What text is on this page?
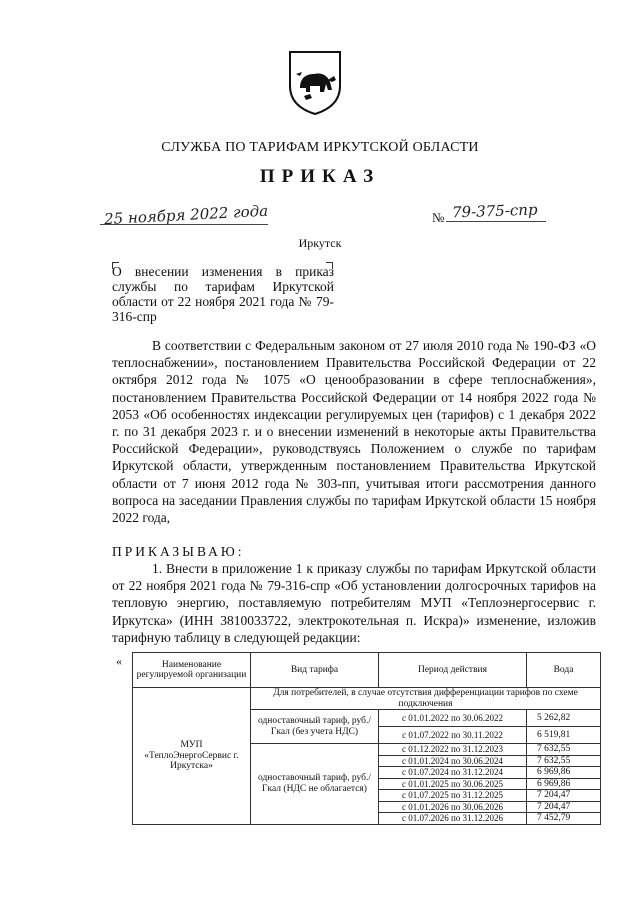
СЛУЖБА ПО ТАРИФАМ ИРКУТСКОЙ ОБЛАСТИ
ПРИКАЗ
25 ноября 2022 года	№ 79-375-спр
Иркутск
О внесении изменения в приказ службы по тарифам Иркутской области от 22 ноября 2021 года № 79-316-спр

В соответствии с Федеральным законом от 27 июля 2010 года № 190-ФЗ «О теплоснабжении», постановлением Правительства Российской Федерации от 22 октября 2012 года № 1075 «О ценообразовании в сфере теплоснабжения», постановлением Правительства Российской Федерации от 14 ноября 2022 года № 2053 «Об особенностях индексации регулируемых цен (тарифов) с 1 декабря 2022 г. по 31 декабря 2023 г. и о внесении изменений в некоторые акты Правительства Российской Федерации», руководствуясь Положением о службе по тарифам Иркутской области, утвержденным постановлением Правительства Иркутской области от 7 июня 2012 года № 303-пп, учитывая итоги рассмотрения данного вопроса на заседании Правления службы по тарифам Иркутской области 15 ноября 2022 года,

ПРИКАЗЫВАЮ:
1. Внести в приложение 1 к приказу службы по тарифам Иркутской области от 22 ноября 2021 года № 79-316-спр «Об установлении долгосрочных тарифов на тепловую энергию, поставляемую потребителям МУП «Теплоэнергосервис г. Иркутска» (ИНН 3810033722, электрокотельная п. Искра)» изменение, изложив тарифную таблицу в следующей редакции:
«	Наименование регулируемой организации	Вид тарифа	Период действия	Вода
МУП «ТеплоЭнергоСервис г. Иркутска»	Для потребителей, в случае отсутствия дифференциации тарифов по схеме подключения		
	одноставочный тариф, руб./Гкал (без учета НДС)	с 01.01.2022 по 30.06.2022	5 262,82
		с 01.07.2022 по 30.11.2022	6 519,81
	одноставочный тариф, руб./Гкал (НДС не облагается)	с 01.12.2022 по 31.12.2023	7 632,55
		с 01.01.2024 по 30.06.2024	7 632,55
		с 01.07.2024 по 31.12.2024	6 969,86
		с 01.01.2025 по 30.06.2025	6 969,86
		с 01.07.2025 по 31.12.2025	7 204,47
		с 01.01.2026 по 30.06.2026	7 204,47
		с 01.07.2026 по 31.12.2026	7 452,79
